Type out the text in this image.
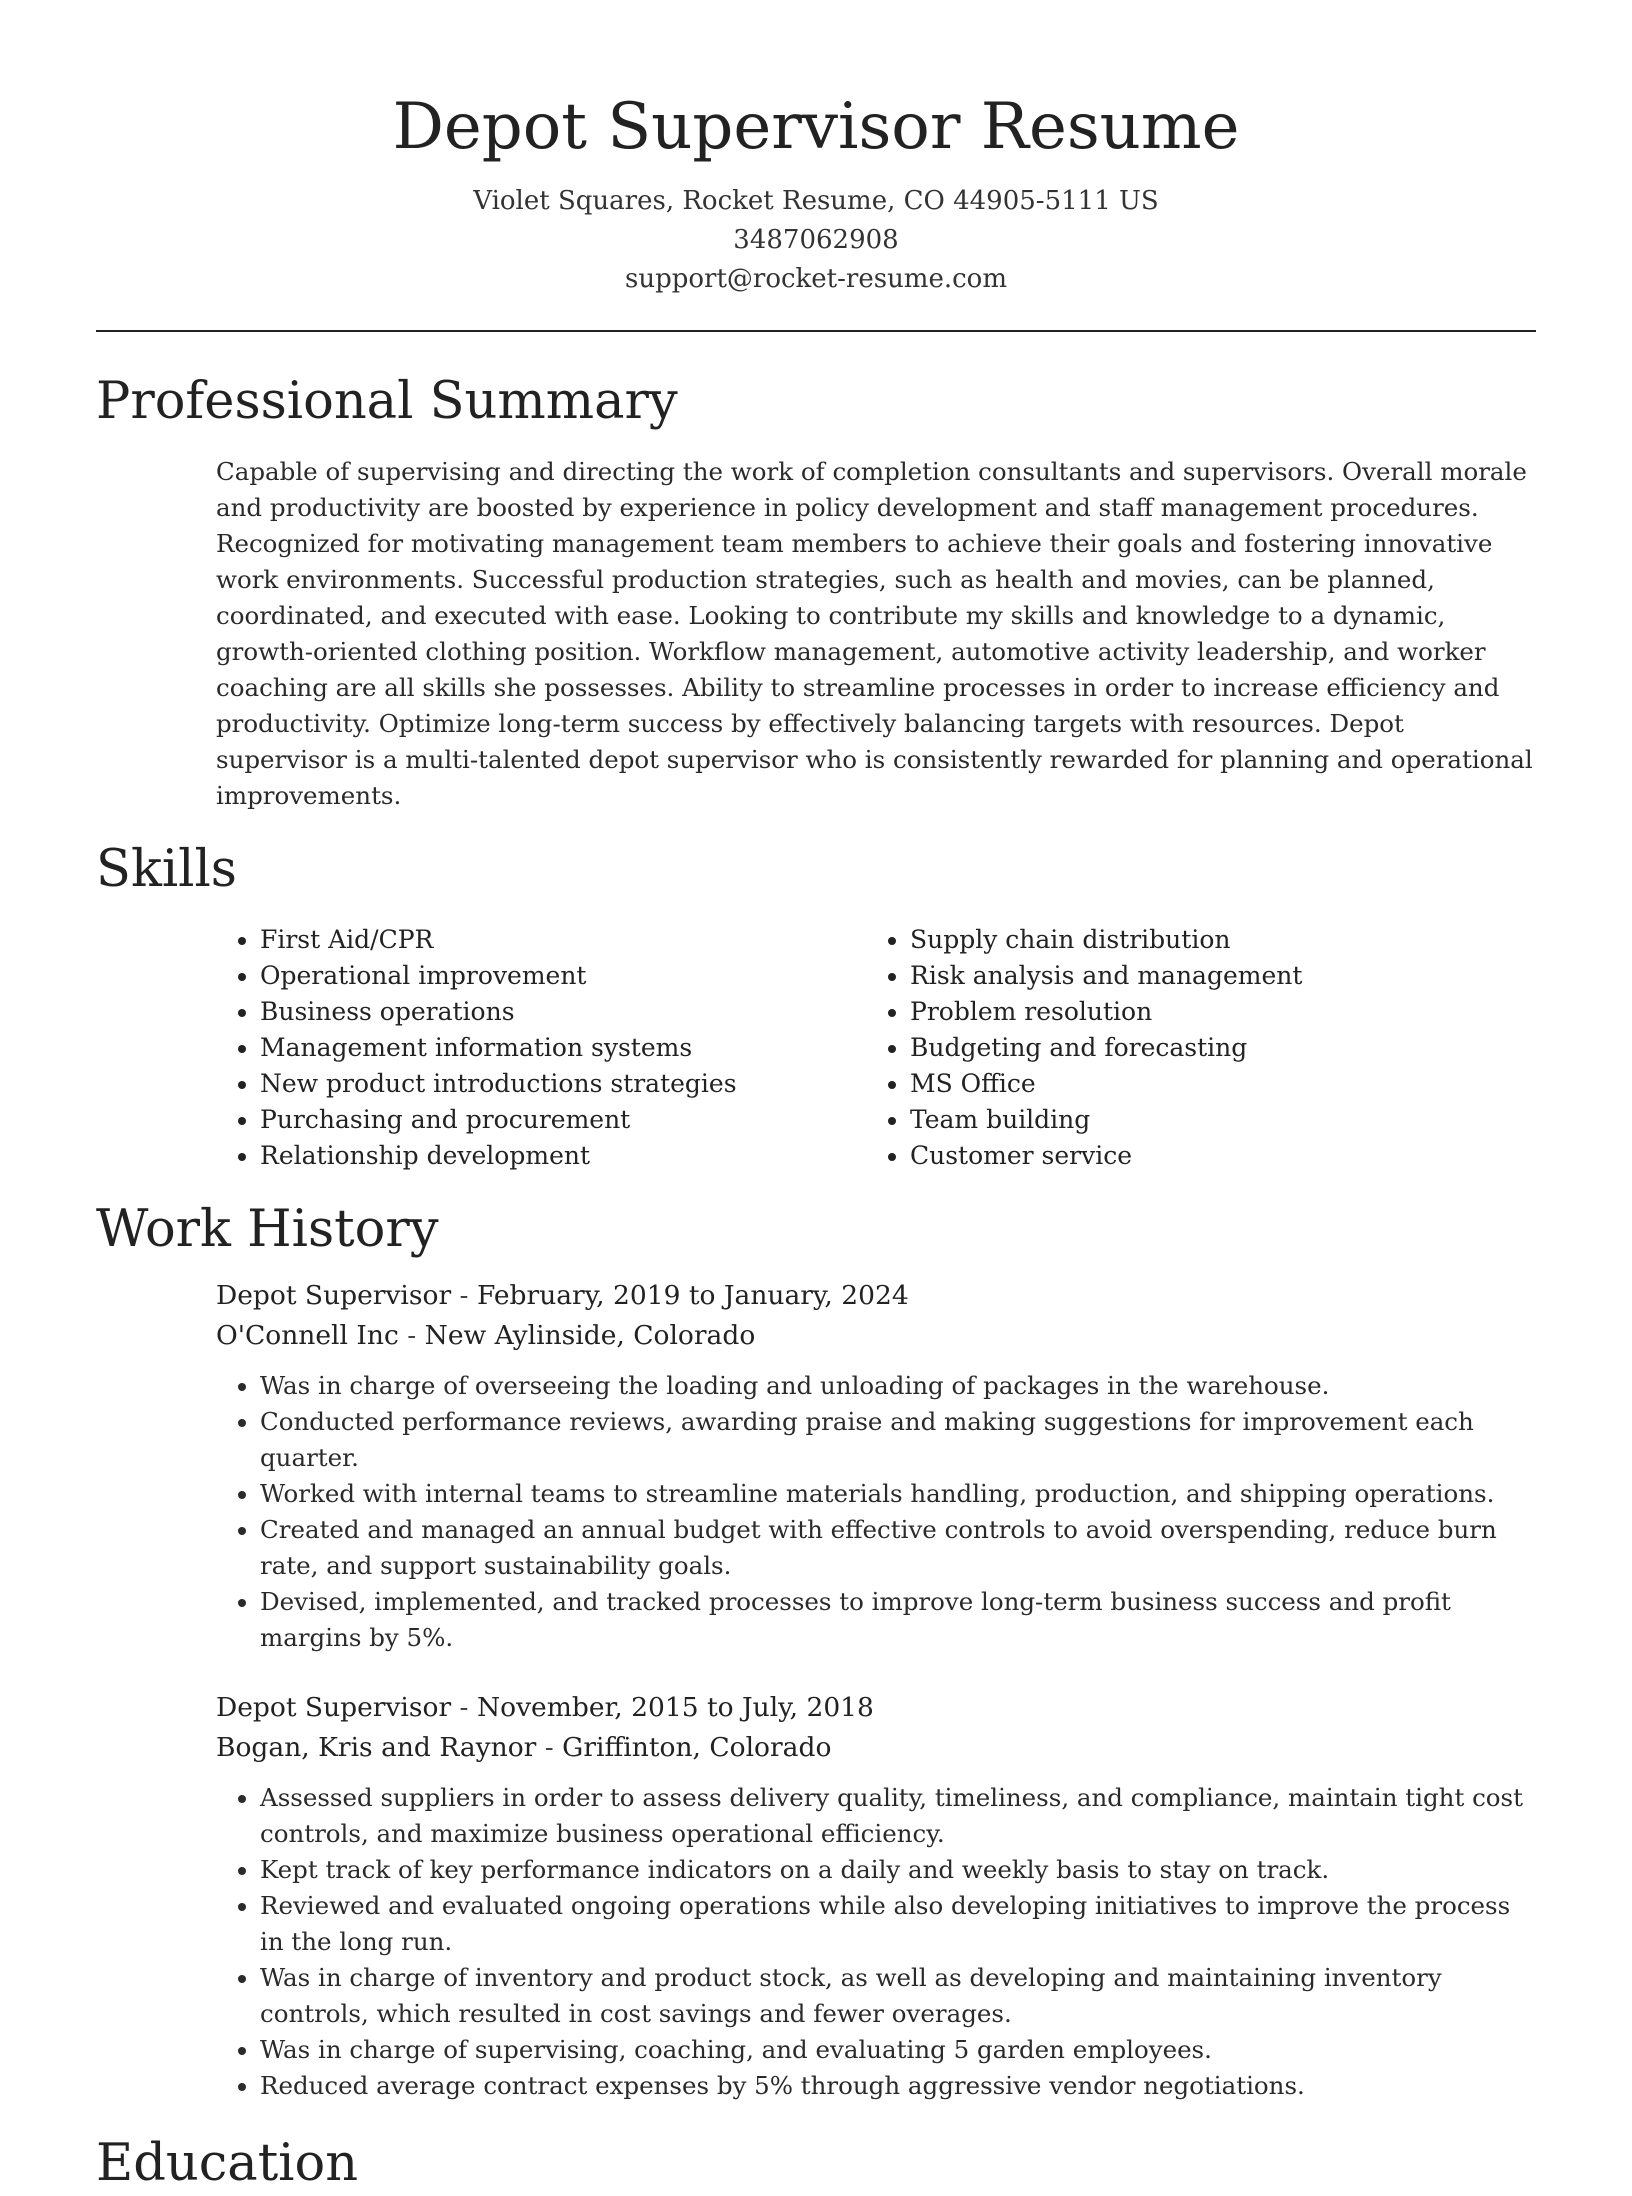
Depot Supervisor Resume
Violet Squares, Rocket Resume, CO 44905-5111 US
3487062908
support@rocket-resume.com
Professional Summary

Capable of supervising and directing the work of completion consultants and supervisors. Overall morale and productivity are boosted by experience in policy development and staff management procedures. Recognized for motivating management team members to achieve their goals and fostering innovative work environments. Successful production strategies, such as health and movies, can be planned, coordinated, and executed with ease. Looking to contribute my skills and knowledge to a dynamic, growth-oriented clothing position. Workflow management, automotive activity leadership, and worker coaching are all skills she possesses. Ability to streamline processes in order to increase efficiency and productivity. Optimize long-term success by effectively balancing targets with resources. Depot supervisor is a multi-talented depot supervisor who is consistently rewarded for planning and operational improvements.

Skills
• First Aid/CPR
• Operational improvement
• Business operations
• Management information systems
• New product introductions strategies
• Purchasing and procurement
• Relationship development
• Supply chain distribution
• Risk analysis and management
• Problem resolution
• Budgeting and forecasting
• MS Office
• Team building
• Customer service
Work History
Depot Supervisor - February, 2019 to January, 2024
O'Connell Inc - New Aylinside, Colorado
• Was in charge of overseeing the loading and unloading of packages in the warehouse.
• Conducted performance reviews, awarding praise and making suggestions for improvement each quarter.
• Worked with internal teams to streamline materials handling, production, and shipping operations.
• Created and managed an annual budget with effective controls to avoid overspending, reduce burn rate, and support sustainability goals.
• Devised, implemented, and tracked processes to improve long-term business success and profit margins by 5%.
Depot Supervisor - November, 2015 to July, 2018
Bogan, Kris and Raynor - Griffinton, Colorado
• Assessed suppliers in order to assess delivery quality, timeliness, and compliance, maintain tight cost controls, and maximize business operational efficiency.
• Kept track of key performance indicators on a daily and weekly basis to stay on track.
• Reviewed and evaluated ongoing operations while also developing initiatives to improve the process in the long run.
• Was in charge of inventory and product stock, as well as developing and maintaining inventory controls, which resulted in cost savings and fewer overages.
• Was in charge of supervising, coaching, and evaluating 5 garden employees.
• Reduced average contract expenses by 5% through aggressive vendor negotiations.
Education
